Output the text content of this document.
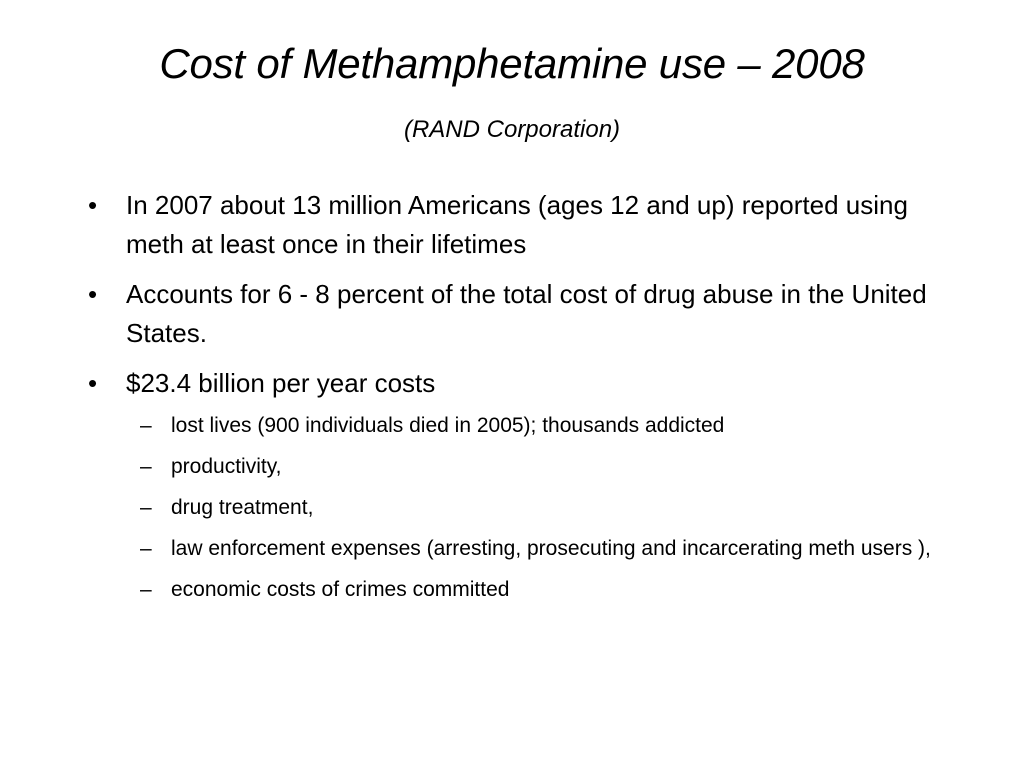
Cost of Methamphetamine use – 2008
(RAND Corporation)
• In 2007 about 13 million Americans (ages 12 and up) reported using meth at least once in their lifetimes
• Accounts for 6 - 8 percent of the total cost of drug abuse in the United States.
• $23.4 billion per year costs
– lost lives (900 individuals died in 2005); thousands addicted
– productivity,
– drug treatment,
– law enforcement expenses (arresting, prosecuting and incarcerating meth users ),
– economic costs of crimes committed
